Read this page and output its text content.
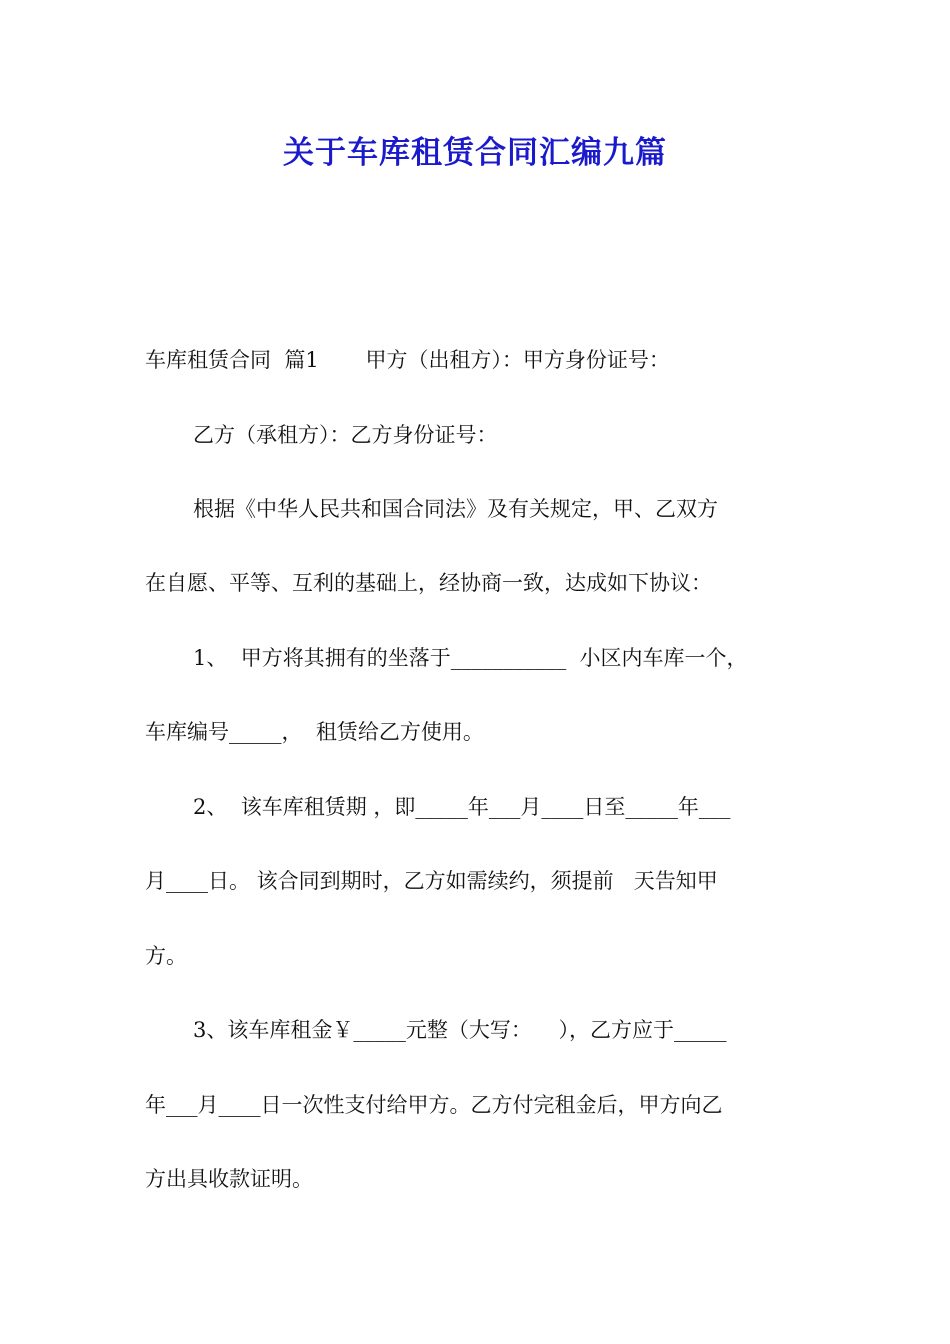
关于车库租赁合同汇编九篇
车库租赁合同  篇1       甲方（出租方）：甲方身份证号：
乙方（承租方）：乙方身份证号：
根据《中华人民共和国合同法》及有关规定，甲、乙双方
在自愿、平等、互利的基础上，经协商一致，达成如下协议：
1、  甲方将其拥有的坐落于___________  小区内车库一个，
车库编号_____，  租赁给乙方使用。
2、  该车库租赁期 ，即_____年___月____日至_____年___
月____日。 该合同到期时，乙方如需续约，须提前   天告知甲
方。
3、该车库租金￥_____元整（大写：    ），乙方应于_____
年___月____日一次性支付给甲方。乙方付完租金后，甲方向乙
方出具收款证明。
